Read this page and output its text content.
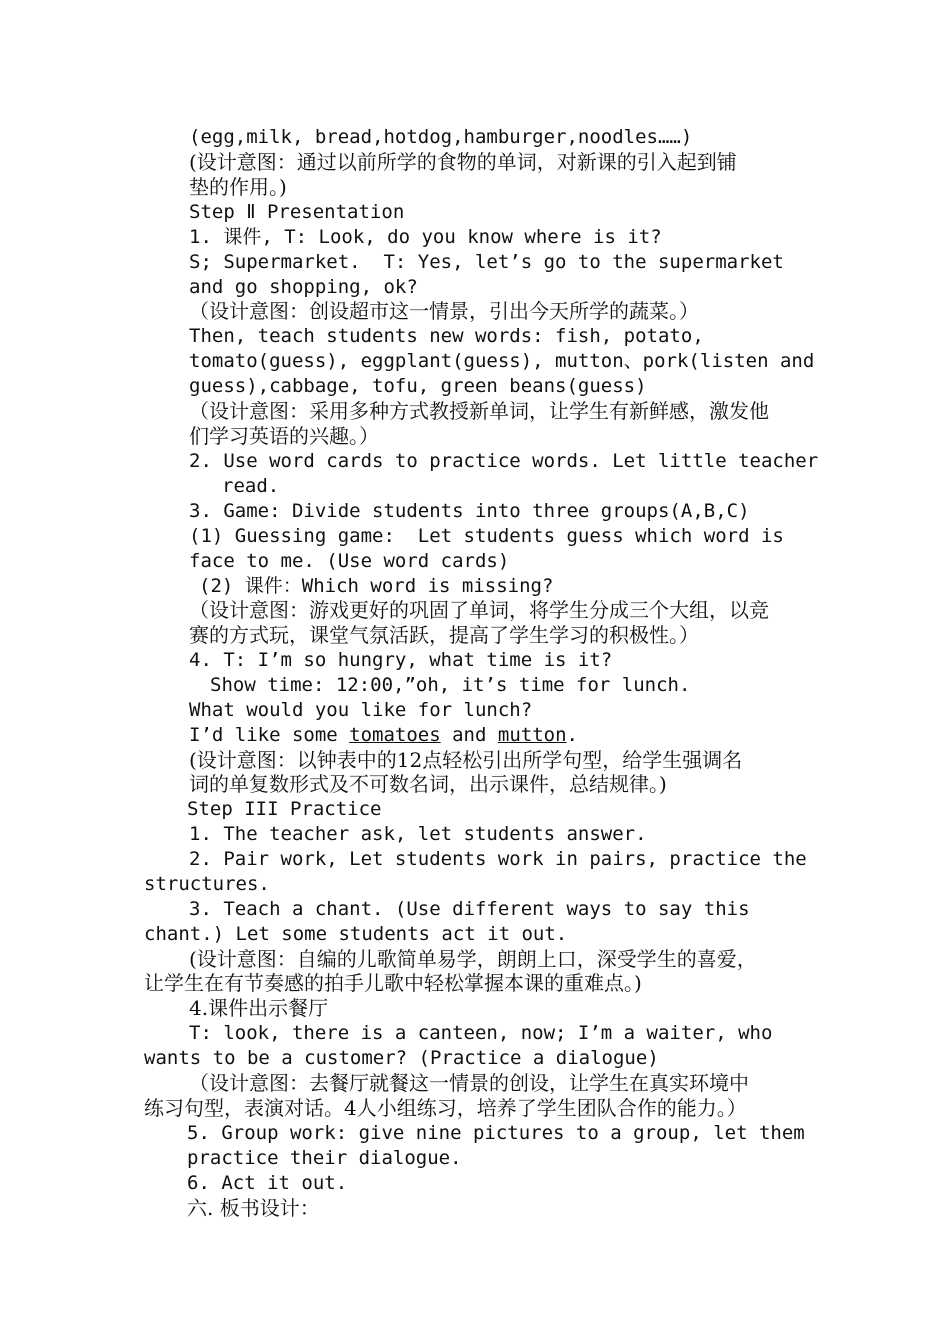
(egg,milk, bread,hotdog,hamburger,noodles……)
(设计意图：通过以前所学的食物的单词，对新课的引入起到铺
垫的作用。)
Step Ⅱ Presentation
1. 课件, T: Look, do you know where is it?
S; Supermarket.  T: Yes, let’s go to the supermarket
and go shopping, ok?
（设计意图：创设超市这一情景，引出今天所学的蔬菜。）
Then, teach students new words: fish, potato,
tomato(guess), eggplant(guess), mutton、pork(listen and
guess),cabbage, tofu, green beans(guess)
（设计意图：采用多种方式教授新单词，让学生有新鲜感，激发他
们学习英语的兴趣。）
2. Use word cards to practice words. Let little teacher
read.
3. Game: Divide students into three groups(A,B,C)
(1) Guessing game:  Let students guess which word is
face to me. (Use word cards)
(2) 课件：Which word is missing?
（设计意图：游戏更好的巩固了单词，将学生分成三个大组，以竞
赛的方式玩，课堂气氛活跃，提高了学生学习的积极性。）
4. T: I’m so hungry, what time is it?
Show time: 12:00,”oh, it’s time for lunch.
What would you like for lunch?
I’d like some tomatoes and mutton.
(设计意图：以钟表中的12点轻松引出所学句型，给学生强调名
词的单复数形式及不可数名词，出示课件，总结规律。)
Step III Practice
1. The teacher ask, let students answer.
2. Pair work, Let students work in pairs, practice the
structures.
3. Teach a chant. (Use different ways to say this
chant.) Let some students act it out.
(设计意图：自编的儿歌简单易学，朗朗上口，深受学生的喜爱，
让学生在有节奏感的拍手儿歌中轻松掌握本课的重难点。)
4.课件出示餐厅
T: look, there is a canteen, now; I’m a waiter, who
wants to be a customer? (Practice a dialogue)
（设计意图：去餐厅就餐这一情景的创设，让学生在真实环境中
练习句型，表演对话。4人小组练习，培养了学生团队合作的能力。）
5. Group work: give nine pictures to a group, let them
practice their dialogue.
6. Act it out.
六. 板书设计：
